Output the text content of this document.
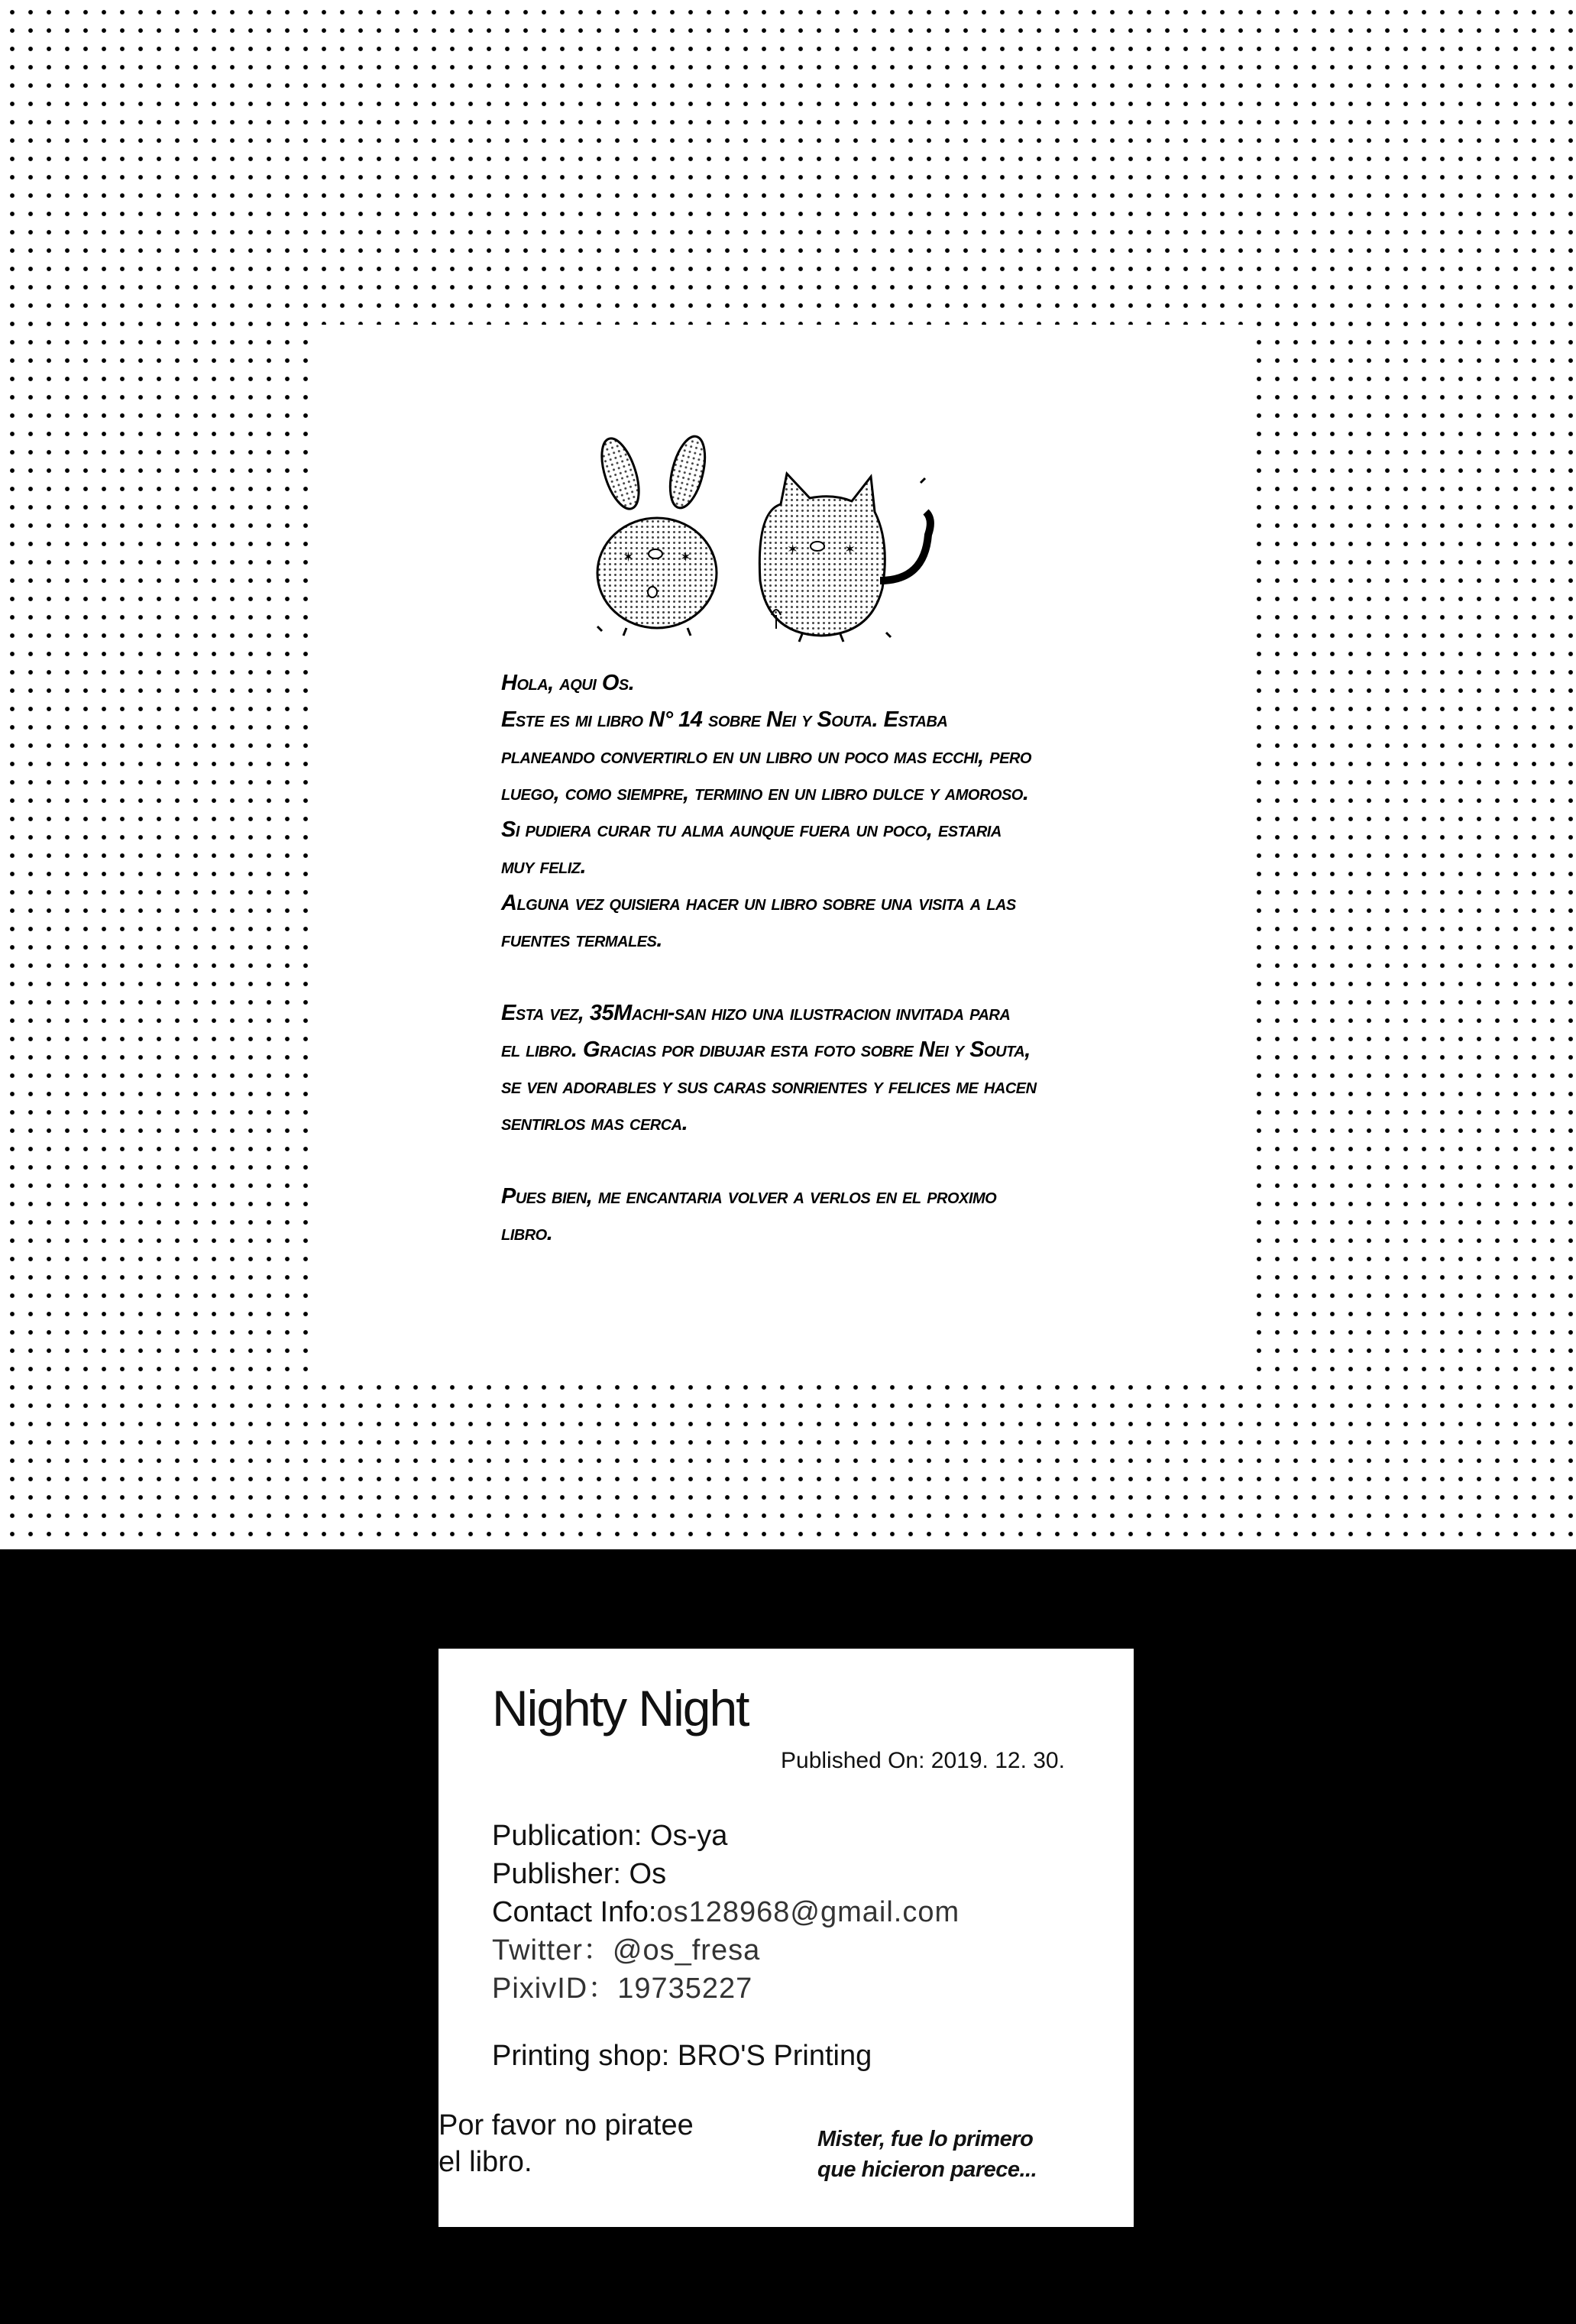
✶	✶	✶	✶

Hola, aqui Os.
Este es mi libro N° 14 sobre Nei y Souta. Estaba
planeando convertirlo en un libro un poco mas ecchi, pero
luego, como siempre, termino en un libro dulce y amoroso.
Si pudiera curar tu alma aunque fuera un poco, estaria
muy feliz.
Alguna vez quisiera hacer un libro sobre una visita a las
fuentes termales.

Esta vez, 35Machi-san hizo una ilustracion invitada para
el libro. Gracias por dibujar esta foto sobre Nei y Souta,
se ven adorables y sus caras sonrientes y felices me hacen
sentirlos mas cerca.

Pues bien, me encantaria volver a verlos en el proximo
libro.

Nighty Night
Published On: 2019. 12. 30.
Publication: Os-ya
Publisher: Os
Contact Info:os128968@gmail.com
Twitter：@os_fresa
PixivID：19735227
Printing shop: BRO'S Printing
Por favor no piratee
el libro.
Mister, fue lo primero
que hicieron parece...
